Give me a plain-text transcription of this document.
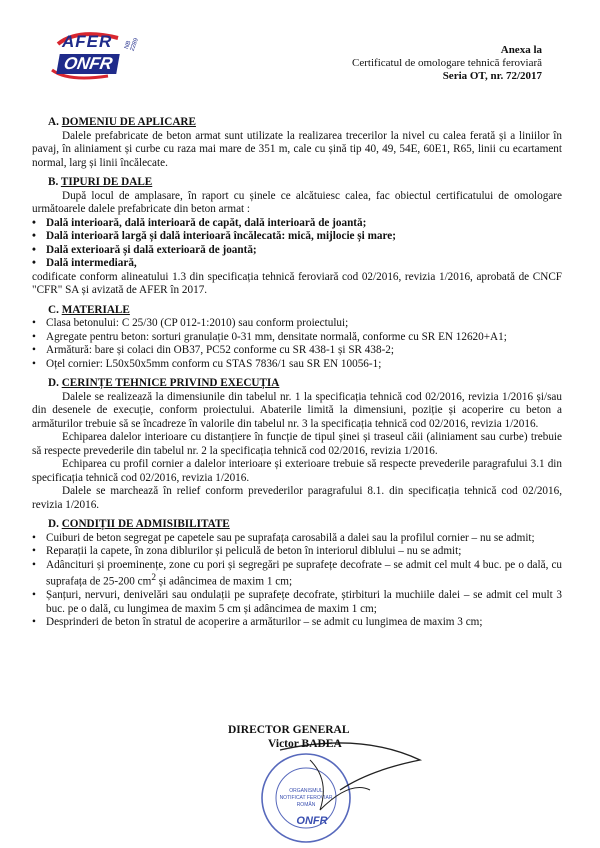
AFER
ONFR
NB 2289	Anexa la
Certificatul de omologare tehnică feroviară
Seria OT, nr. 72/2017
A. DOMENIU DE APLICARE

Dalele prefabricate de beton armat sunt utilizate la realizarea trecerilor la nivel cu calea ferată și a liniilor în pavaj, în aliniament și curbe cu raza mai mare de 351 m, cale cu șină tip 40, 49, 54E, 60E1, R65, linii cu ecartament normal, larg și linii încălecate.

B. TIPURI DE DALE

După locul de amplasare, în raport cu șinele ce alcătuiesc calea, fac obiectul certificatului de omologare următoarele dalele prefabricate din beton armat :

• Dală interioară, dală interioară de capăt, dală interioară de joantă;
• Dală interioară largă și dală interioară încălecată: mică, mijlocie și mare;
• Dală exterioară și dală exterioară de joantă;
• Dală intermediară,

codificate conform alineatului 1.3 din specificația tehnică feroviară cod 02/2016, revizia 1/2016, aprobată de CNCF "CFR" SA și avizată de AFER în 2017.

C. MATERIALE
• Clasa betonului: C 25/30 (CP 012-1:2010) sau conform proiectului;
• Agregate pentru beton: sorturi granulație 0-31 mm, densitate normală, conforme cu SR EN 12620+A1;
• Armătură: bare și colaci din OB37, PC52 conforme cu SR 438-1 și SR 438-2;
• Oțel cornier: L50x50x5mm conform cu STAS 7836/1 sau SR EN 10056-1;
D. CERINȚE TEHNICE PRIVIND EXECUȚIA

Dalele se realizează la dimensiunile din tabelul nr. 1 la specificația tehnică cod 02/2016, revizia 1/2016 și/sau din desenele de execuție, conform proiectului. Abaterile limită la dimensiuni, poziție și acoperire cu beton a armăturilor trebuie să se încadreze în valorile din tabelul nr. 3 la specificația tehnică cod 02/2016, revizia 1/2016.

Echiparea dalelor interioare cu distanțiere în funcție de tipul șinei și traseul căii (aliniament sau curbe) trebuie să respecte prevederile din tabelul nr. 2 la specificația tehnică cod 02/2016, revizia 1/2016.

Echiparea cu profil cornier a dalelor interioare și exterioare trebuie să respecte prevederile paragrafului 3.1 din specificația tehnică cod 02/2016, revizia 1/2016.

Dalele se marchează în relief conform prevederilor paragrafului 8.1. din specificația tehnică cod 02/2016, revizia 1/2016.

D. CONDIȚII DE ADMISIBILITATE
• Cuiburi de beton segregat pe capetele sau pe suprafața carosabilă a dalei sau la profilul cornier – nu se admit;
• Reparații la capete, în zona diblurilor și peliculă de beton în interiorul diblului – nu se admit;
• Adâncituri și proeminențe, zone cu pori și segregări pe suprafețe decofrate – se admit cel mult 4 buc. pe o dală, cu suprafața de 25-200 $cm^2$ și adâncimea de maxim 1 cm;
• Șanțuri, nervuri, denivelări sau ondulații pe suprafețe decofrate, știrbituri la muchiile dalei – se admit cel mult 3 buc. pe o dală, cu lungimea de maxim 5 cm și adâncimea de maxim 1 cm;
• Desprinderi de beton în stratul de acoperire a armăturilor – se admit cu lungimea de maxim 3 cm;
ORGANISMUL
NOTIFICAT FEROVIAR
ROMÂN
ONFR
DIRECTOR GENERAL
Victor BADEA
